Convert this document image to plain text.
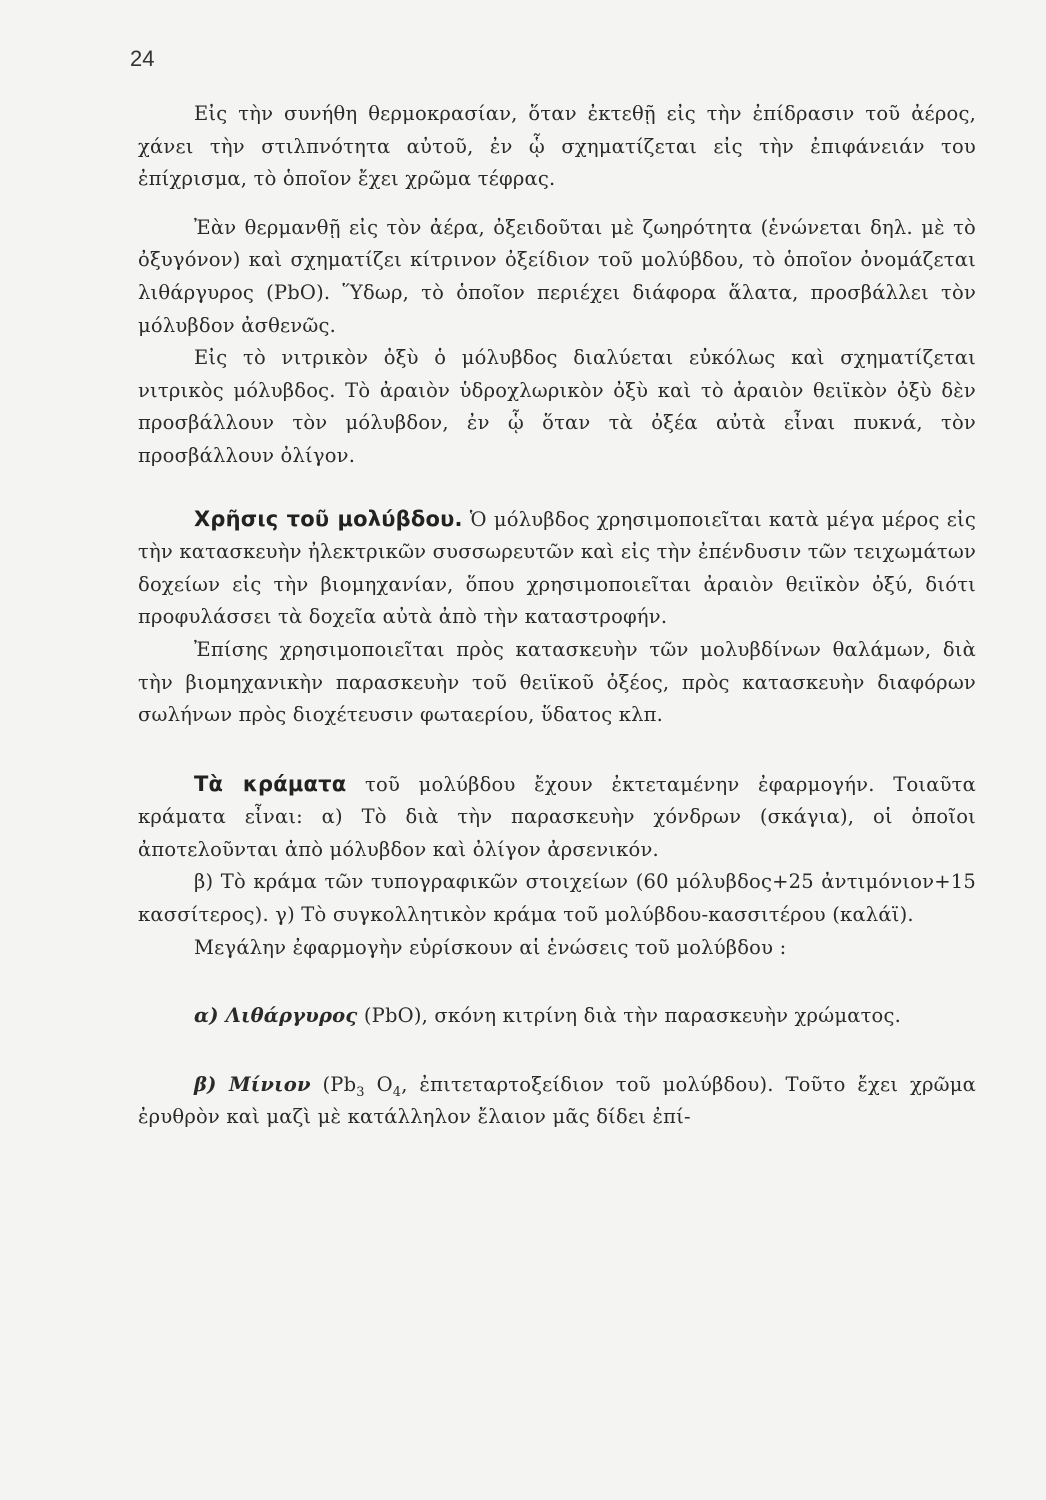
24

Εἰς τὴν συνήθη θερμοκρασίαν, ὅταν ἐκτεθῇ εἰς τὴν ἐπίδρασιν τοῦ ἀέρος, χάνει τὴν στιλπνότητα αὐτοῦ, ἐν ᾧ σχηματίζεται εἰς τὴν ἐπιφάνειάν του ἐπίχρισμα, τὸ ὁποῖον ἔχει χρῶμα τέφρας.

Ἐὰν θερμανθῇ εἰς τὸν ἀέρα, ὀξειδοῦται μὲ ζωηρότητα (ἑνώνεται δηλ. μὲ τὸ ὀξυγόνον) καὶ σχηματίζει κίτρινον ὀξείδιον τοῦ μολύβδου, τὸ ὁποῖον ὀνομάζεται λιθάργυρος (PbO). Ὕδωρ, τὸ ὁποῖον περιέχει διάφορα ἅλατα, προσβάλλει τὸν μόλυβδον ἀσθενῶς.

Εἰς τὸ νιτρικὸν ὀξὺ ὁ μόλυβδος διαλύεται εὐκόλως καὶ σχηματίζεται νιτρικὸς μόλυβδος. Τὸ ἀραιὸν ὑδροχλωρικὸν ὀξὺ καὶ τὸ ἀραιὸν θειϊκὸν ὀξὺ δὲν προσβάλλουν τὸν μόλυβδον, ἐν ᾧ ὅταν τὰ ὀξέα αὐτὰ εἶναι πυκνά, τὸν προσβάλλουν ὀλίγον.

Χρῆσις τοῦ μολύβδου. Ὁ μόλυβδος χρησιμοποιεῖται κατὰ μέγα μέρος εἰς τὴν κατασκευὴν ἠλεκτρικῶν συσσωρευτῶν καὶ εἰς τὴν ἐπένδυσιν τῶν τειχωμάτων δοχείων εἰς τὴν βιομηχανίαν, ὅπου χρησιμοποιεῖται ἀραιὸν θειϊκὸν ὀξύ, διότι προφυλάσσει τὰ δοχεῖα αὐτὰ ἀπὸ τὴν καταστροφήν.

Ἐπίσης χρησιμοποιεῖται πρὸς κατασκευὴν τῶν μολυβδίνων θαλάμων, διὰ τὴν βιομηχανικὴν παρασκευὴν τοῦ θειϊκοῦ ὀξέος, πρὸς κατασκευὴν διαφόρων σωλήνων πρὸς διοχέτευσιν φωταερίου, ὕδατος κλπ.

Τὰ κράματα τοῦ μολύβδου ἔχουν ἐκτεταμένην ἐφαρμογήν. Τοιαῦτα κράματα εἶναι: α) Τὸ διὰ τὴν παρασκευὴν χόνδρων (σκάγια), οἱ ὁποῖοι ἀποτελοῦνται ἀπὸ μόλυβδον καὶ ὀλίγον ἀρσενικόν.

β) Τὸ κράμα τῶν τυπογραφικῶν στοιχείων (60 μόλυβδος+25 ἀντιμόνιον+15 κασσίτερος). γ) Τὸ συγκολλητικὸν κράμα τοῦ μολύβδου-κασσιτέρου (καλάϊ).

Μεγάλην ἐφαρμογὴν εὑρίσκουν αἱ ἑνώσεις τοῦ μολύβδου :

α) Λιθάργυρος (PbO), σκόνη κιτρίνη διὰ τὴν παρασκευὴν χρώματος.

β) Μίνιον ($Pb_3$ $O_4$, ἐπιτεταρτοξείδιον τοῦ μολύβδου). Τοῦτο ἔχει χρῶμα ἐρυθρὸν καὶ μαζὶ μὲ κατάλληλον ἔλαιον μᾶς δίδει ἐπί-
